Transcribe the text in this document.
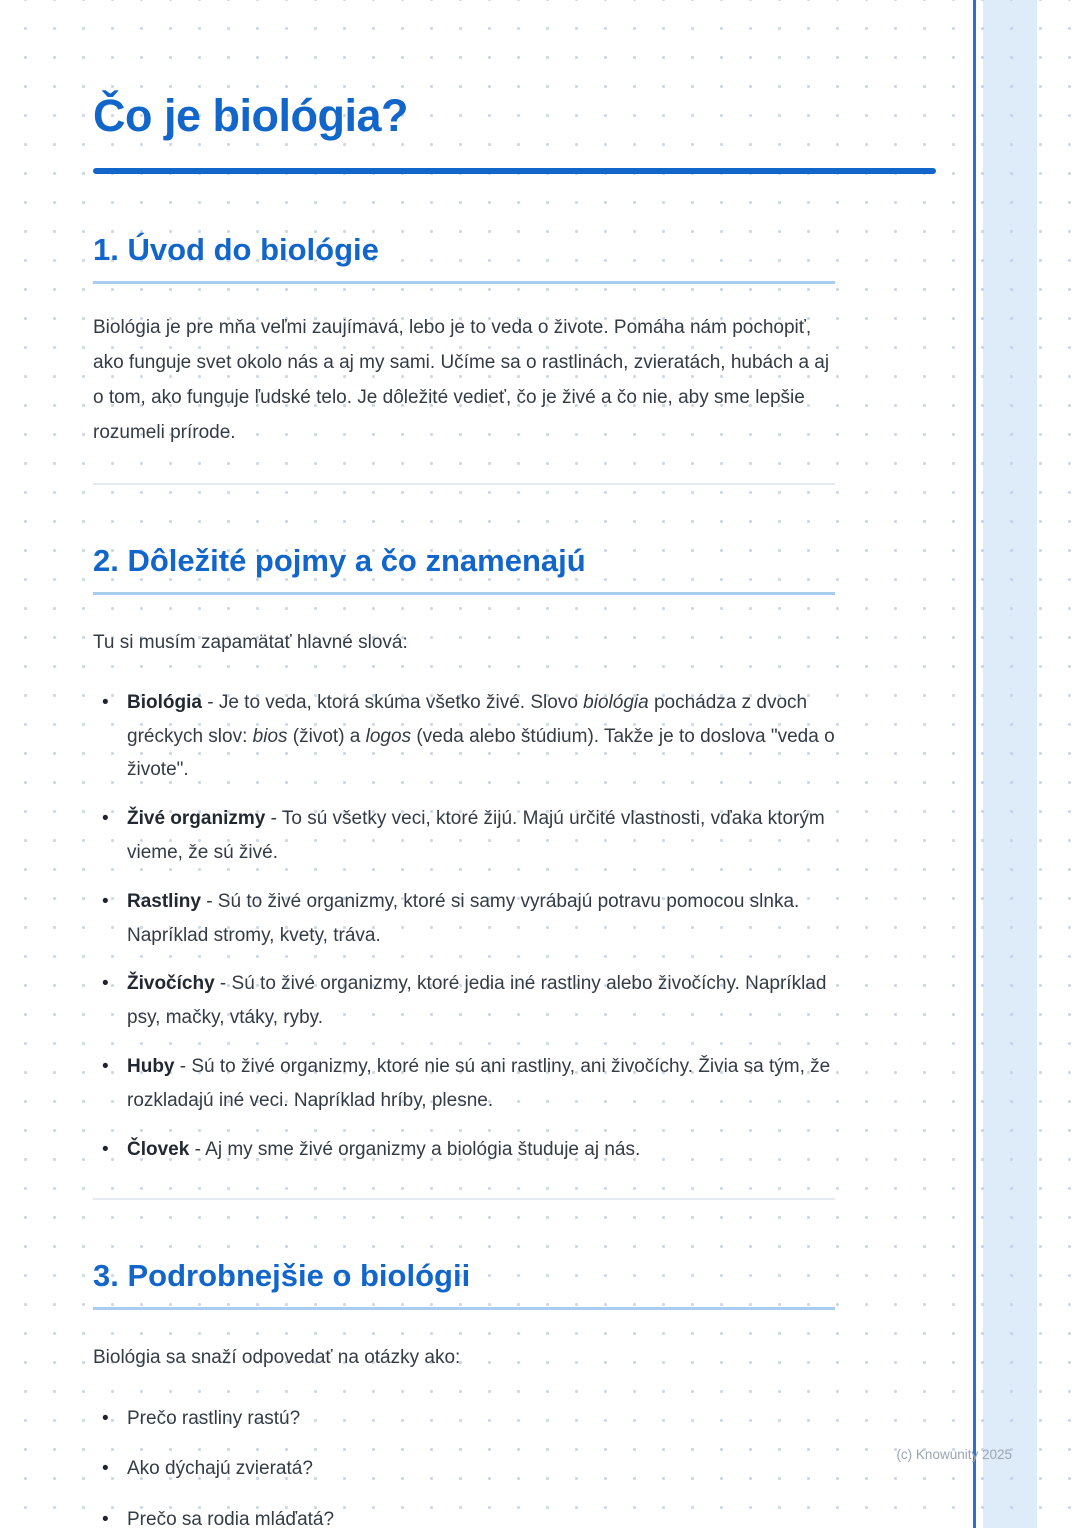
Čo je biológia?
1. Úvod do biológie

Biológia je pre mňa veľmi zaujímavá, lebo je to veda o živote. Pomáha nám pochopiť, ako funguje svet okolo nás a aj my sami. Učíme sa o rastlinách, zvieratách, hubách a aj o tom, ako funguje ľudské telo. Je dôležité vedieť, čo je živé a čo nie, aby sme lepšie rozumeli prírode.

2. Dôležité pojmy a čo znamenajú

Tu si musím zapamätať hlavné slová:

• Biológia - Je to veda, ktorá skúma všetko živé. Slovo biológia pochádza z dvoch gréckych slov: bios (život) a logos (veda alebo štúdium). Takže je to doslova "veda o živote".
• Živé organizmy - To sú všetky veci, ktoré žijú. Majú určité vlastnosti, vďaka ktorým vieme, že sú živé.
• Rastliny - Sú to živé organizmy, ktoré si samy vyrábajú potravu pomocou slnka. Napríklad stromy, kvety, tráva.
• Živočíchy - Sú to živé organizmy, ktoré jedia iné rastliny alebo živočíchy. Napríklad psy, mačky, vtáky, ryby.
• Huby - Sú to živé organizmy, ktoré nie sú ani rastliny, ani živočíchy. Živia sa tým, že rozkladajú iné veci. Napríklad hríby, plesne.
• Človek - Aj my sme živé organizmy a biológia študuje aj nás.
3. Podrobnejšie o biológii

Biológia sa snaží odpovedať na otázky ako:

• Prečo rastliny rastú?
• Ako dýchajú zvieratá?
• Prečo sa rodia mláďatá?
(c) Knowunity 2025
